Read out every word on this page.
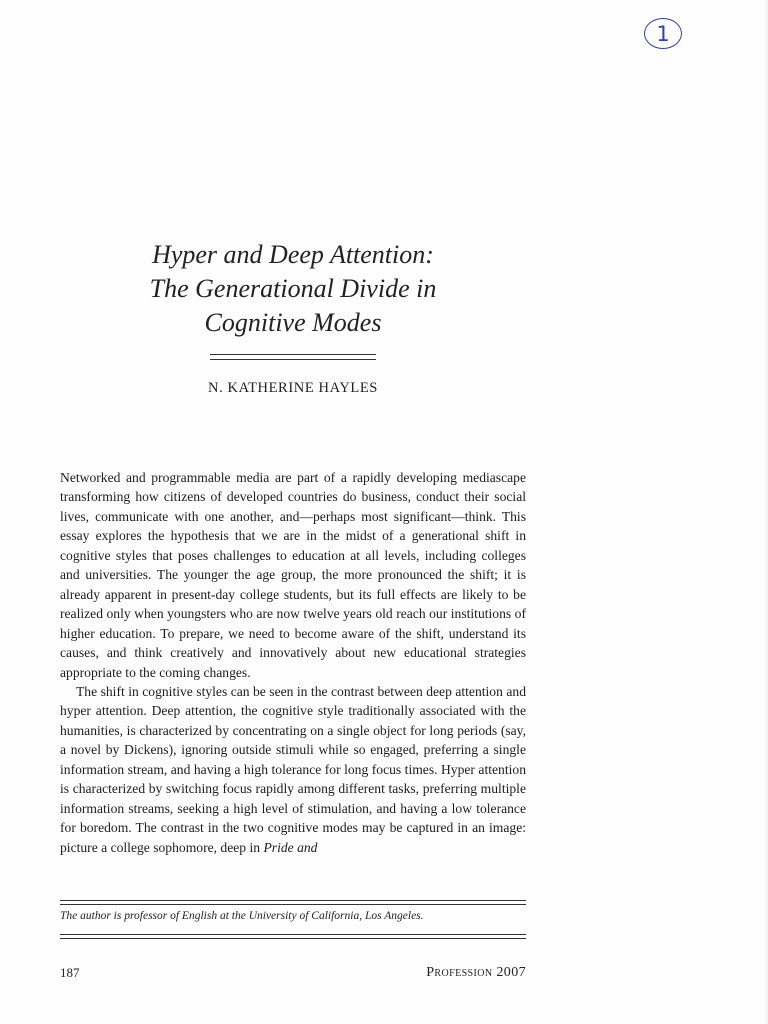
1
Hyper and Deep Attention:
The Generational Divide in
Cognitive Modes
N. KATHERINE HAYLES

Networked and programmable media are part of a rapidly developing mediascape transforming how citizens of developed countries do business, conduct their social lives, communicate with one another, and—perhaps most significant—think. This essay explores the hypothesis that we are in the midst of a generational shift in cognitive styles that poses challenges to education at all levels, including colleges and universities. The younger the age group, the more pronounced the shift; it is already apparent in present-day college students, but its full effects are likely to be realized only when youngsters who are now twelve years old reach our institutions of higher education. To prepare, we need to become aware of the shift, understand its causes, and think creatively and innovatively about new educational strategies appropriate to the coming changes.

The shift in cognitive styles can be seen in the contrast between deep attention and hyper attention. Deep attention, the cognitive style traditionally associated with the humanities, is characterized by concentrating on a single object for long periods (say, a novel by Dickens), ignoring outside stimuli while so engaged, preferring a single information stream, and having a high tolerance for long focus times. Hyper attention is characterized by switching focus rapidly among different tasks, preferring multiple information streams, seeking a high level of stimulation, and having a low tolerance for boredom. The contrast in the two cognitive modes may be captured in an image: picture a college sophomore, deep in Pride and

The author is professor of English at the University of California, Los Angeles.
187	Profession 2007
